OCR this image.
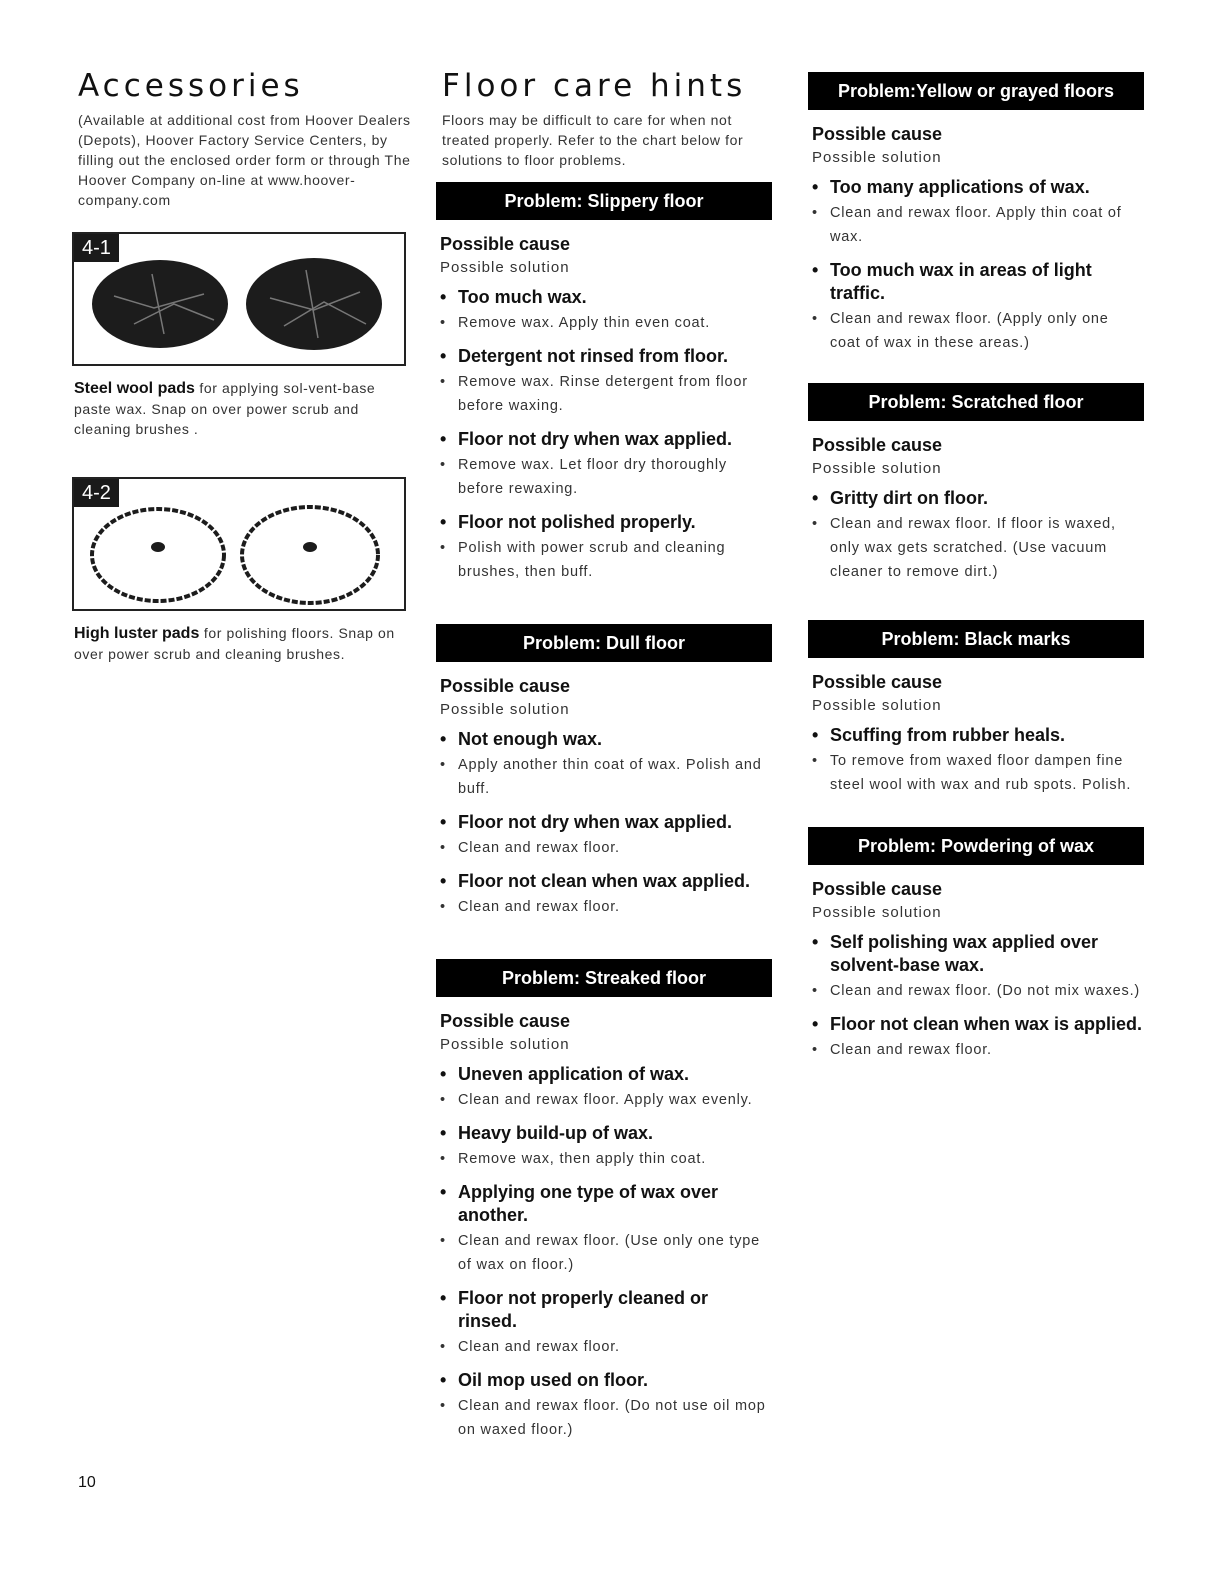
Accessories
(Available at additional cost from Hoover Dealers (Depots), Hoover Factory Service Centers, by filling out the enclosed order form or through The Hoover Company on-line at www.hoover-company.com
4-1
Steel wool pads for applying sol-vent-base paste wax. Snap on over power scrub and cleaning brushes .
4-2
High luster pads for polishing floors. Snap on over power scrub and cleaning brushes.
Floor care hints
Floors may be difficult to care for when not treated properly. Refer to the chart below for solutions to floor problems.
Problem: Slippery floor
Possible cause
Possible solution
• Too much wax.
• Remove wax. Apply thin even coat.
• Detergent not rinsed from floor.
• Remove wax. Rinse detergent from floor before waxing.
• Floor not dry when wax applied.
• Remove wax. Let floor dry thoroughly before rewaxing.
• Floor not polished properly.
• Polish with power scrub and cleaning brushes, then buff.
Problem: Dull floor
Possible cause
Possible solution
• Not enough wax.
• Apply another thin coat of wax. Polish and buff.
• Floor not dry when wax applied.
• Clean and rewax floor.
• Floor not clean when wax applied.
• Clean and rewax floor.
Problem: Streaked floor
Possible cause
Possible solution
• Uneven application of wax.
• Clean and rewax floor. Apply wax evenly.
• Heavy build-up of wax.
• Remove wax, then apply thin coat.
• Applying one type of wax over another.
• Clean and rewax floor. (Use only one type of wax on floor.)
• Floor not properly cleaned or rinsed.
• Clean and rewax floor.
• Oil mop used on floor.
• Clean and rewax floor. (Do not use oil mop on waxed floor.)
Problem:Yellow or grayed floors
Possible cause
Possible solution
• Too many applications of wax.
• Clean and rewax floor. Apply thin coat of wax.
• Too much wax in areas of light traffic.
• Clean and rewax floor. (Apply only one coat of wax in these areas.)
Problem: Scratched floor
Possible cause
Possible solution
• Gritty dirt on floor.
• Clean and rewax floor. If floor is waxed, only wax gets scratched. (Use vacuum cleaner to remove dirt.)
Problem: Black marks
Possible cause
Possible solution
• Scuffing from rubber heals.
• To remove from waxed floor dampen fine steel wool with wax and rub spots. Polish.
Problem: Powdering of wax
Possible cause
Possible solution
• Self polishing wax applied over solvent-base wax.
• Clean and rewax floor. (Do not mix waxes.)
• Floor not clean when wax is applied.
• Clean and rewax floor.
10
